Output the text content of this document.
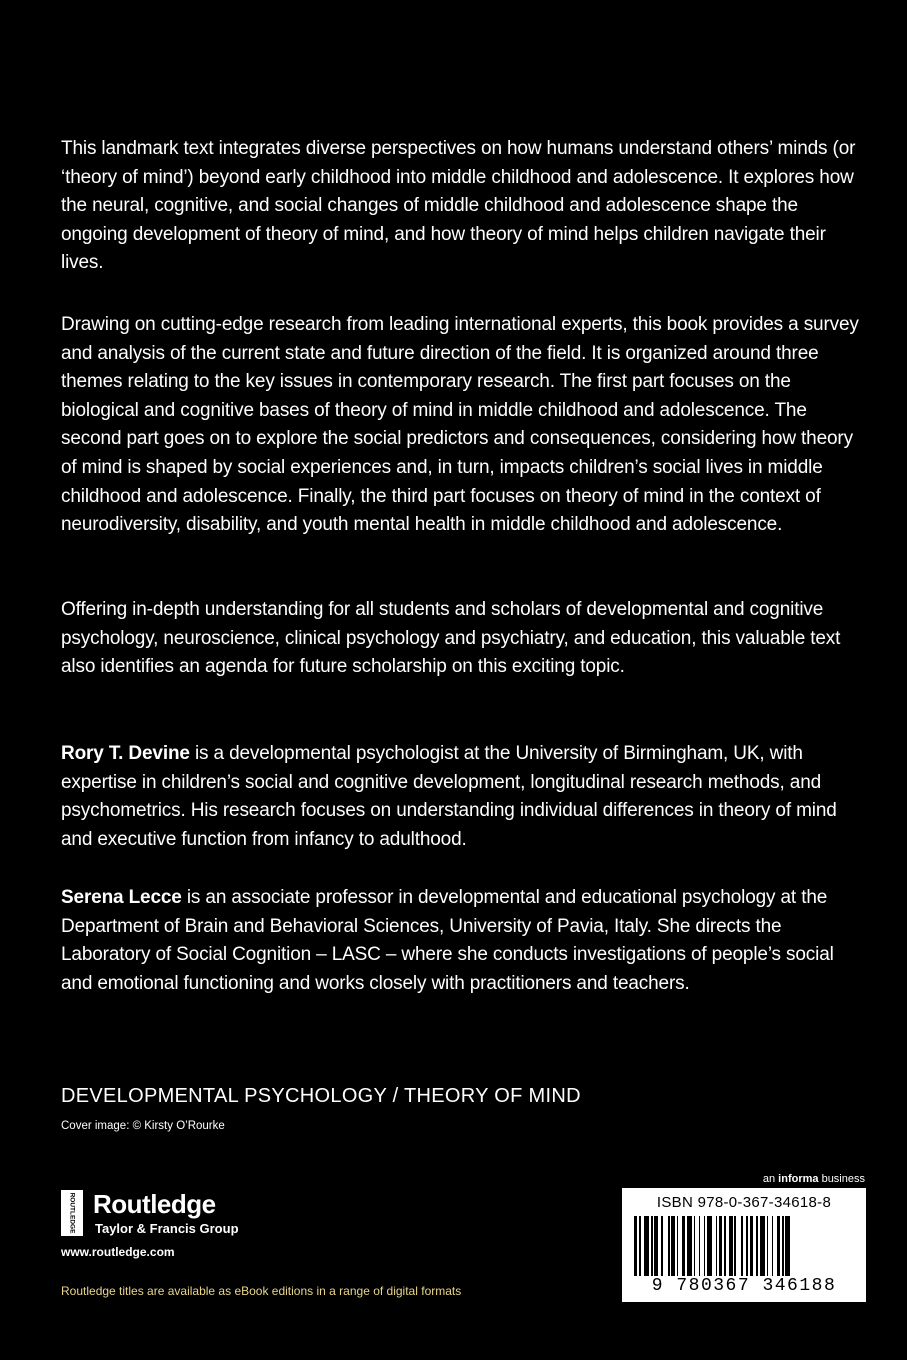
This landmark text integrates diverse perspectives on how humans understand others’ minds (or ‘theory of mind’) beyond early childhood into middle childhood and adolescence. It explores how the neural, cognitive, and social changes of middle childhood and adolescence shape the ongoing development of theory of mind, and how theory of mind helps children navigate their lives.

Drawing on cutting-edge research from leading international experts, this book provides a survey and analysis of the current state and future direction of the field. It is organized around three themes relating to the key issues in contemporary research. The first part focuses on the biological and cognitive bases of theory of mind in middle childhood and adolescence. The second part goes on to explore the social predictors and consequences, considering how theory of mind is shaped by social experiences and, in turn, impacts children’s social lives in middle childhood and adolescence. Finally, the third part focuses on theory of mind in the context of neurodiversity, disability, and youth mental health in middle childhood and adolescence.

Offering in-depth understanding for all students and scholars of developmental and cognitive psychology, neuroscience, clinical psychology and psychiatry, and education, this valuable text also identifies an agenda for future scholarship on this exciting topic.

Rory T. Devine is a developmental psychologist at the University of Birmingham, UK, with expertise in children’s social and cognitive development, longitudinal research methods, and psychometrics. His research focuses on understanding individual differences in theory of mind and executive function from infancy to adulthood.

Serena Lecce is an associate professor in developmental and educational psychology at the Department of Brain and Behavioral Sciences, University of Pavia, Italy. She directs the Laboratory of Social Cognition – LASC – where she conducts investigations of people’s social and emotional functioning and works closely with practitioners and teachers.

DEVELOPMENTAL PSYCHOLOGY / THEORY OF MIND
Cover image: © Kirsty O’Rourke
ROUTLEDGE Routledge
Taylor & Francis Group
www.routledge.com
Routledge titles are available as eBook editions in a range of digital formats
an informa business
ISBN 978-0-367-34618-8
9 780367 346188
